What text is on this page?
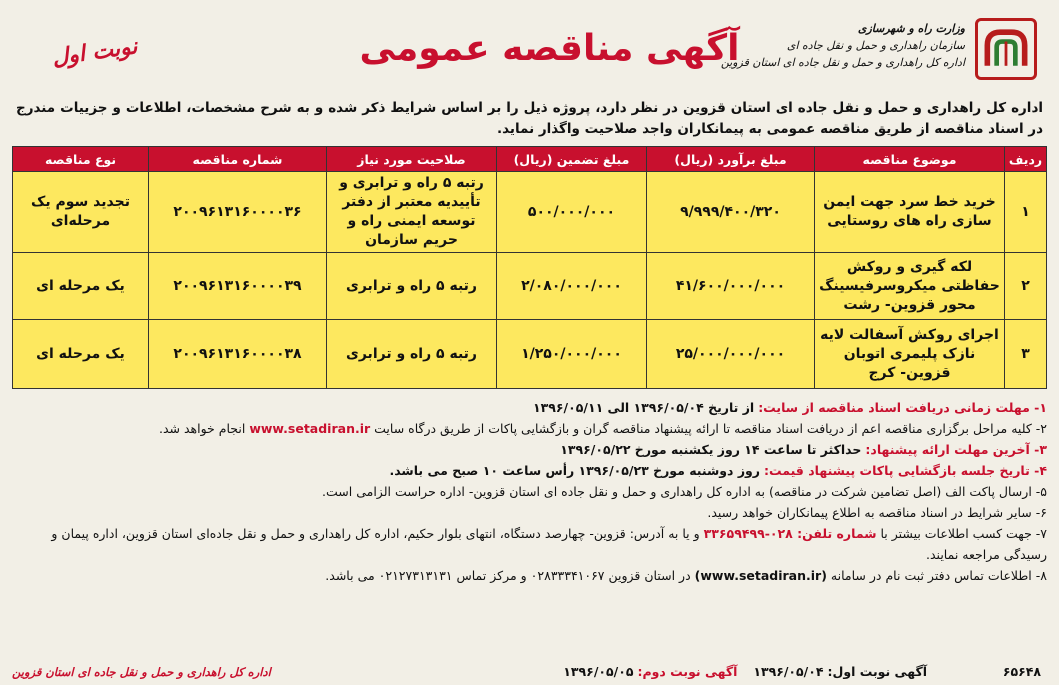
وزارت راه و شهرسازی
سازمان راهداری و حمل و نقل جاده ای
اداره کل راهداری و حمل و نقل جاده ای استان قزوین
آگهی مناقصه عمومی
نوبت اول
اداره کل راهداری و حمل و نقل جاده ای استان قزوین در نظر دارد، پروژه ذیل را بر اساس شرایط ذکر شده و به شرح مشخصات، اطلاعات و جزییات مندرج در اسناد مناقصه از طریق مناقصه عمومی به پیمانکاران واجد صلاحیت واگذار نماید.
ردیف	موضوع مناقصه	مبلغ برآورد (ریال)	مبلغ تضمین (ریال)	صلاحیت مورد نیاز	شماره مناقصه	نوع مناقصه
۱	خرید خط سرد جهت ایمن سازی راه های روستایی	۹/۹۹۹/۴۰۰/۳۲۰	۵۰۰/۰۰۰/۰۰۰	رتبه ۵ راه و ترابری و تأییدیه معتبر از دفتر توسعه ایمنی راه و حریم سازمان	۲۰۰۹۶۱۳۱۶۰۰۰۰۳۶	تجدید سوم یک مرحله‌ای
۲	لکه گیری و روکش حفاظتی میکروسرفیسینگ محور قزوین- رشت	۴۱/۶۰۰/۰۰۰/۰۰۰	۲/۰۸۰/۰۰۰/۰۰۰	رتبه ۵ راه و ترابری	۲۰۰۹۶۱۳۱۶۰۰۰۰۳۹	یک مرحله ای
۳	اجرای روکش آسفالت لایه نازک پلیمری اتوبان قزوین- کرج	۲۵/۰۰۰/۰۰۰/۰۰۰	۱/۲۵۰/۰۰۰/۰۰۰	رتبه ۵ راه و ترابری	۲۰۰۹۶۱۳۱۶۰۰۰۰۳۸	یک مرحله ای
۱- مهلت زمانی دریافت اسناد مناقصه از سایت: از تاریخ ۱۳۹۶/۰۵/۰۴ الی ۱۳۹۶/۰۵/۱۱
۲- کلیه مراحل برگزاری مناقصه اعم از دریافت اسناد مناقصه تا ارائه پیشنهاد مناقصه گران و بازگشایی پاکات از طریق درگاه سایت www.setadiran.ir انجام خواهد شد.
۳- آخرین مهلت ارائه پیشنهاد: حداکثر تا ساعت ۱۴ روز یکشنبه مورخ ۱۳۹۶/۰۵/۲۲
۴- تاریخ جلسه بازگشایی پاکات پیشنهاد قیمت: روز دوشنبه مورخ ۱۳۹۶/۰۵/۲۳ رأس ساعت ۱۰ صبح می باشد.
۵- ارسال پاکت الف (اصل تضامین شرکت در مناقصه) به اداره کل راهداری و حمل و نقل جاده ای استان قزوین- اداره حراست الزامی است.
۶- سایر شرایط در اسناد مناقصه به اطلاع پیمانکاران خواهد رسید.
۷- جهت کسب اطلاعات بیشتر با شماره تلفن: ۰۲۸-۳۳۶۵۹۴۹۹ و یا به آدرس: قزوین- چهارصد دستگاه، انتهای بلوار حکیم، اداره کل راهداری و حمل و نقل جاده‌ای استان قزوین، اداره پیمان و رسیدگی مراجعه نمایند.
۸- اطلاعات تماس دفتر ثبت نام در سامانه (www.setadiran.ir) در استان قزوین ۰۲۸۳۳۳۴۱۰۶۷ و مرکز تماس ۰۲۱۲۷۳۱۳۱۳۱ می باشد.
۶۵۶۴۸
آگهی نوبت اول: ۱۳۹۶/۰۵/۰۴    آگهی نوبت دوم: ۱۳۹۶/۰۵/۰۵
اداره کل راهداری و حمل و نقل جاده ای استان قزوین
